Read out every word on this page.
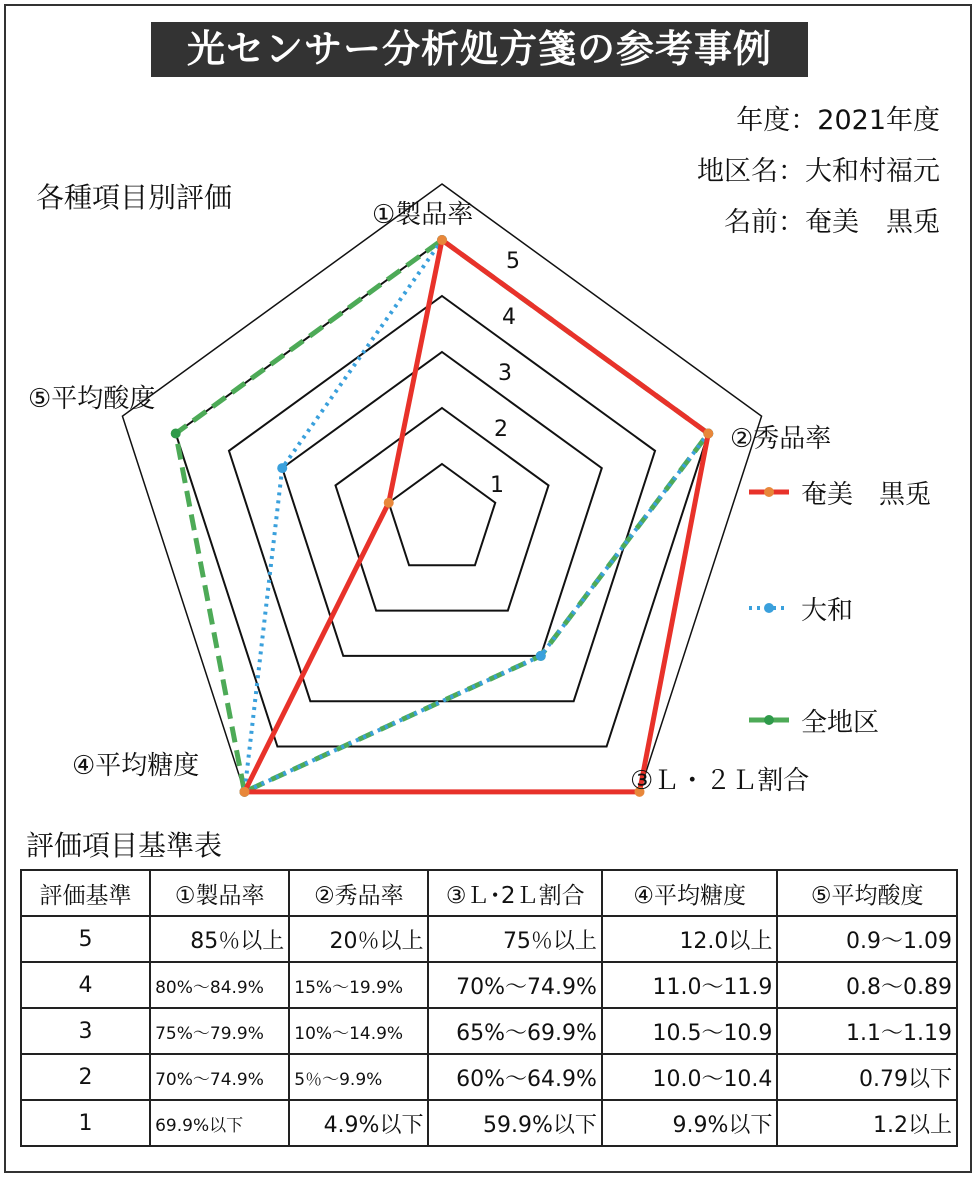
光センサー分析処方箋の参考事例
年度：2021年度
地区名：大和村福元
名前：奄美　黒兎
各種項目別評価
1
2
3
4
5
①製品率
②秀品率
③Ｌ・２Ｌ割合
④平均糖度
⑤平均酸度
奄美　黒兎
大和
全地区
評価項目基準表
評価基準	①製品率	②秀品率	③Ｌ･2Ｌ割合	④平均糖度	⑤平均酸度
5	85％以上	20％以上	75％以上	12.0以上	0.9〜1.09
4	80%〜84.9%	15%〜19.9%	70%〜74.9%	11.0〜11.9	0.8〜0.89
3	75%〜79.9%	10%〜14.9%	65%〜69.9%	10.5〜10.9	1.1〜1.19
2	70%〜74.9%	5％〜9.9%	60%〜64.9%	10.0〜10.4	0.79以下
1	69.9%以下	4.9%以下	59.9%以下	9.9%以下	1.2以上
